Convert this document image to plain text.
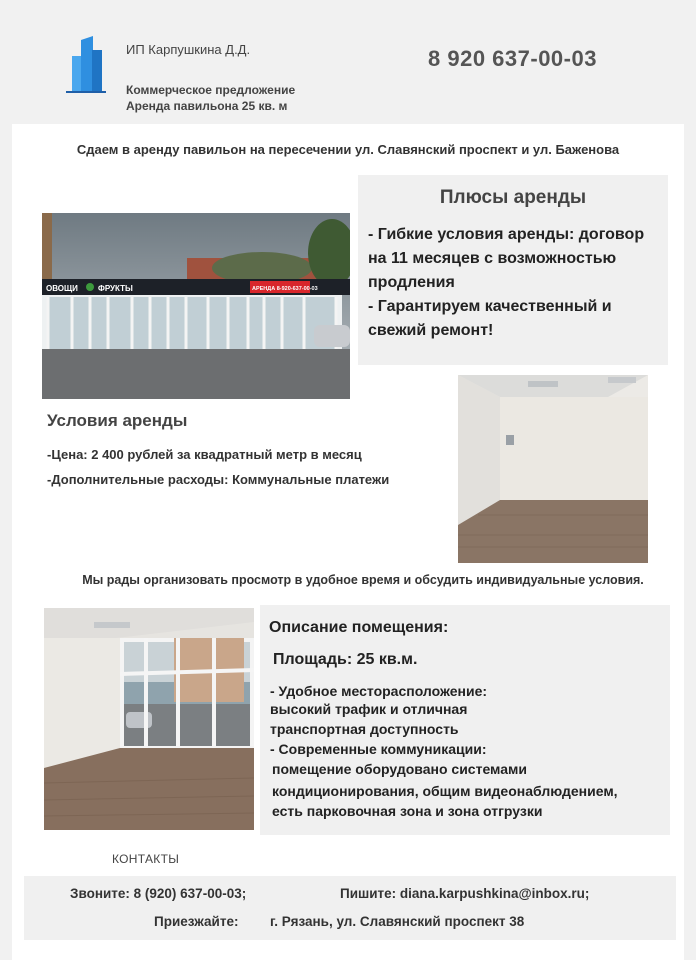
ИП Карпушкина Д.Д.
Коммерческое предложение
Аренда павильона 25 кв. м
8 920 637-00-03
Сдаем в аренду павильон на пересечении ул. Славянский проспект и ул. Баженова
ОВОЩИ	ФРУКТЫ	АРЕНДА 8-920-637-00-03
Плюсы аренды
- Гибкие условия аренды: договор на 11 месяцев с возможностью продления
- Гарантируем качественный и свежий ремонт!
Условия аренды
-Цена: 2 400 рублей за квадратный метр в месяц
-Дополнительные расходы: Коммунальные платежи
Мы рады организовать просмотр в удобное время и обсудить индивидуальные условия.
Описание помещения:
Площадь: 25 кв.м.
- Удобное месторасположение:
высокий трафик и отличная
транспортная доступность
- Современные коммуникации:
помещение оборудовано системами
кондиционирования, общим видеонаблюдением,
есть парковочная зона и зона отгрузки
КОНТАКТЫ
Звоните: 8 (920) 637-00-03;	Пишите: diana.karpushkina@inbox.ru;
Приезжайте: г. Рязань, ул. Славянский проспект 38
